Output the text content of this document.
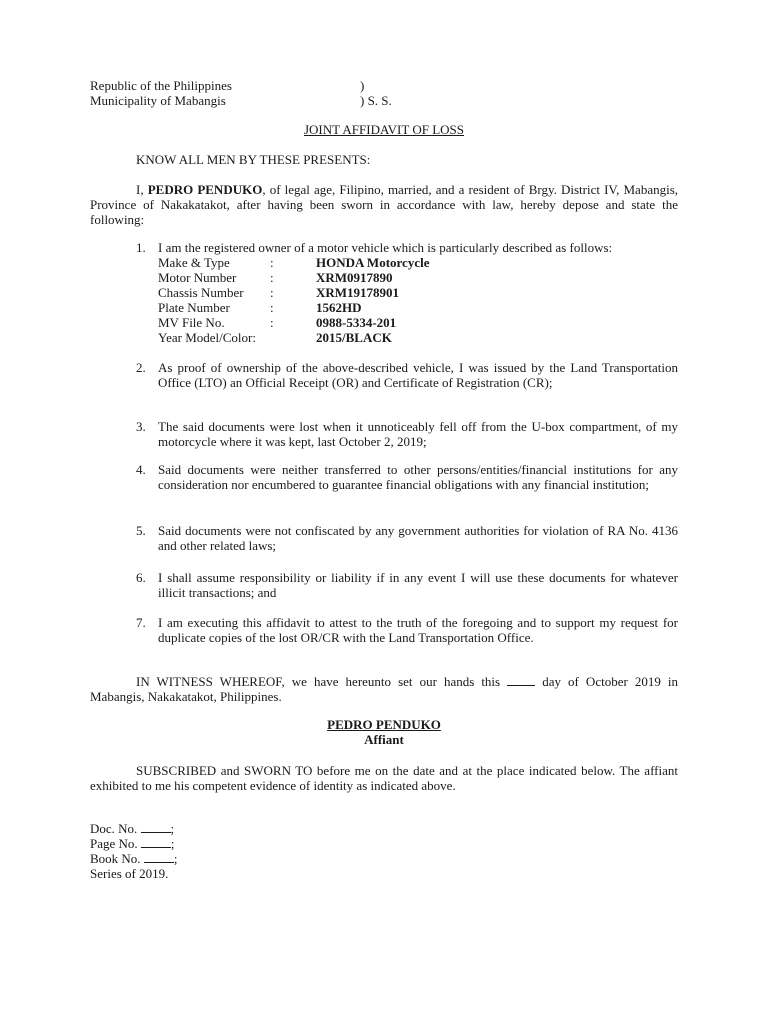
Republic of the Philippines	)
Municipality of Mabangis	) S. S.
JOINT AFFIDAVIT OF LOSS
KNOW ALL MEN BY THESE PRESENTS:
I, PEDRO PENDUKO, of legal age, Filipino, married, and a resident of Brgy. District IV, Mabangis, Province of Nakakatakot, after having been sworn in accordance with law, hereby depose and state the following:
1. I am the registered owner of a motor vehicle which is particularly described as follows:
Make & Type	:	HONDA Motorcycle
Motor Number	:	XRM0917890
Chassis Number :	XRM19178901
Plate Number	:	1562HD
MV File No.	:	0988-5334-201
Year Model/Color:	2015/BLACK
2. As proof of ownership of the above-described vehicle, I was issued by the Land Transportation Office (LTO) an Official Receipt (OR) and Certificate of Registration (CR);
3. The said documents were lost when it unnoticeably fell off from the U-box compartment, of my motorcycle where it was kept, last October 2, 2019;
4. Said documents were neither transferred to other persons/entities/financial institutions for any consideration nor encumbered to guarantee financial obligations with any financial institution;
5. Said documents were not confiscated by any government authorities for violation of RA No. 4136 and other related laws;
6. I shall assume responsibility or liability if in any event I will use these documents for whatever illicit transactions; and
7. I am executing this affidavit to attest to the truth of the foregoing and to support my request for duplicate copies of the lost OR/CR with the Land Transportation Office.
IN WITNESS WHEREOF, we have hereunto set our hands this	day of October 2019 in Mabangis, Nakakatakot, Philippines.
PEDRO PENDUKO
Affiant
SUBSCRIBED and SWORN TO before me on the date and at the place indicated below. The affiant exhibited to me his competent evidence of identity as indicated above.
Doc. No.	;
Page No.	;
Book No.	;
Series of 2019.
